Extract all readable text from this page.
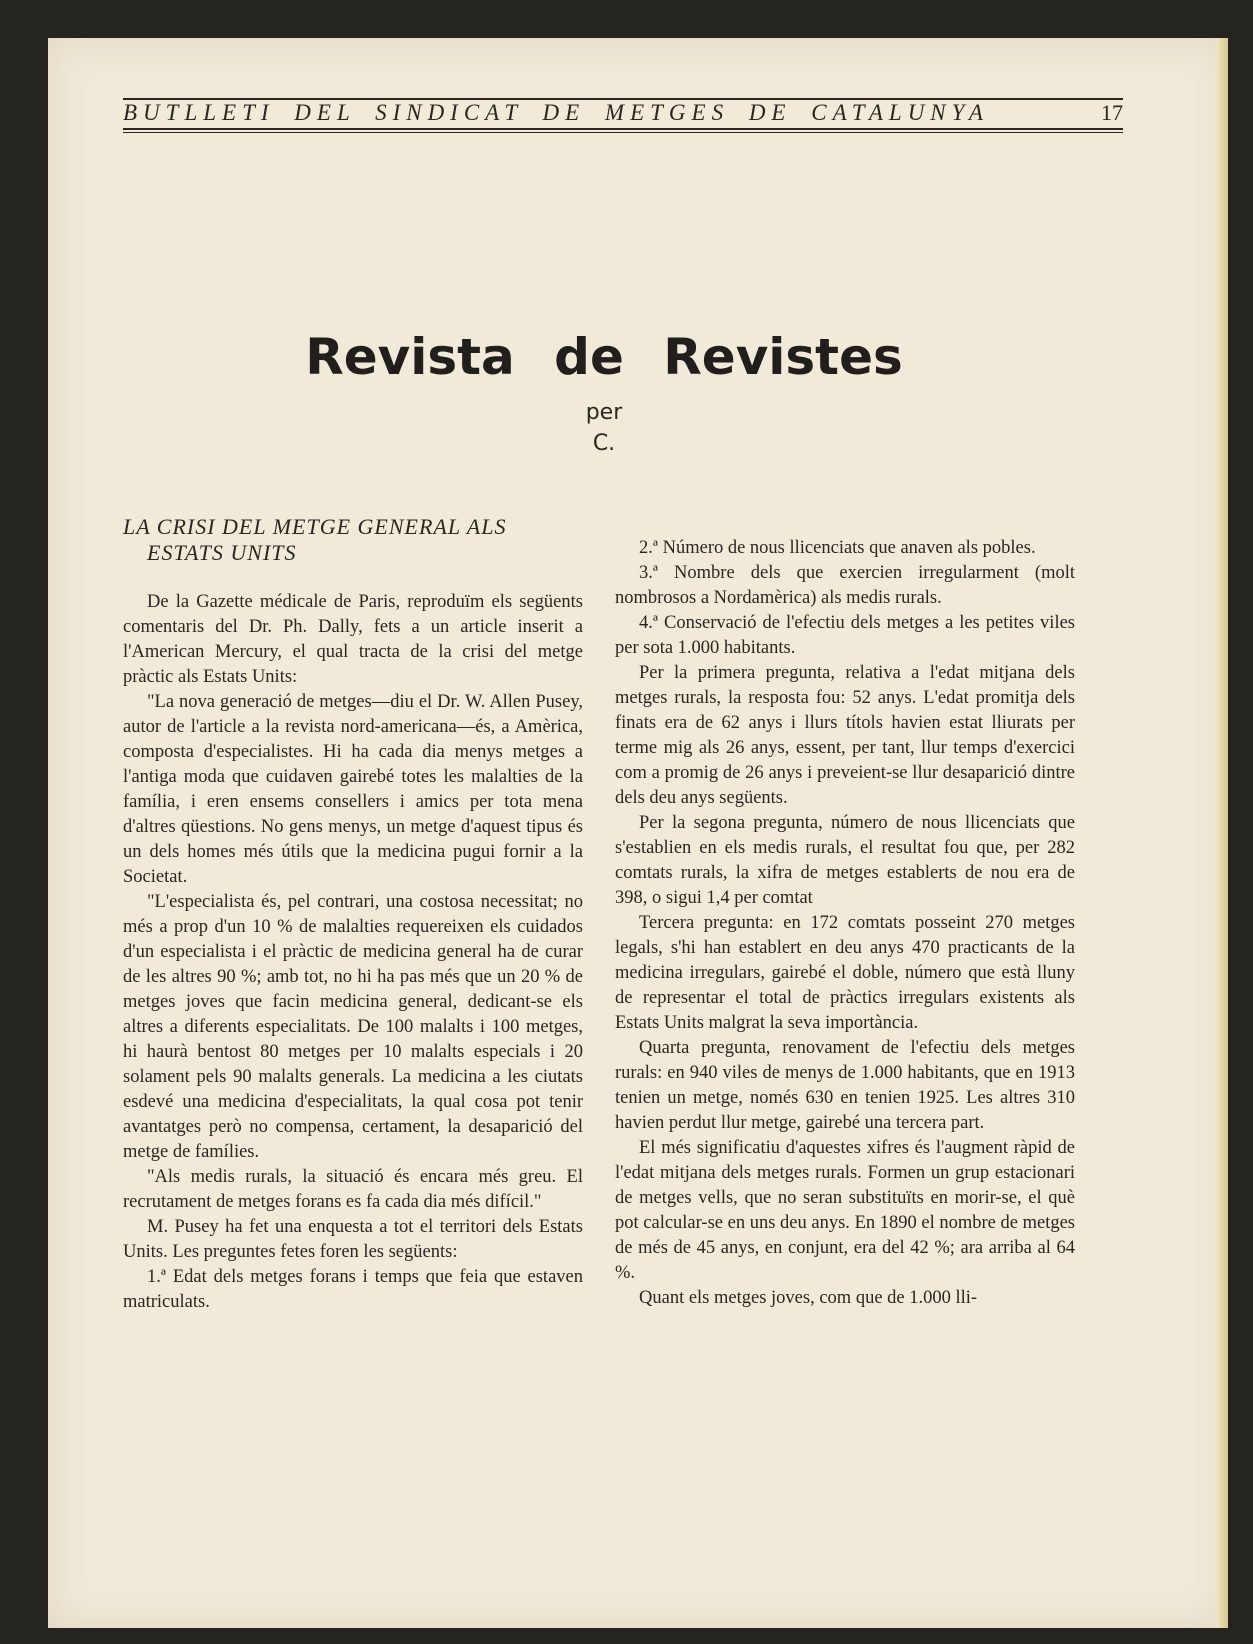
BUTLLETI DEL SINDICAT DE METGES DE CATALUNYA	17
Revista de Revistes
per
C.
LA CRISI DEL METGE GENERAL ALS
ESTATS UNITS

De la Gazette médicale de Paris, reproduïm els següents comentaris del Dr. Ph. Dally, fets a un article inserit a l'American Mercury, el qual tracta de la crisi del metge pràctic als Estats Units:

"La nova generació de metges—diu el Dr. W. Allen Pusey, autor de l'article a la revista nord-americana—és, a Amèrica, composta d'especialistes. Hi ha cada dia menys metges a l'antiga moda que cuidaven gairebé totes les malalties de la família, i eren ensems consellers i amics per tota mena d'altres qüestions. No gens menys, un metge d'aquest tipus és un dels homes més útils que la medicina pugui fornir a la Societat.

"L'especialista és, pel contrari, una costosa necessitat; no més a prop d'un 10 % de malalties requereixen els cuidados d'un especialista i el pràctic de medicina general ha de curar de les altres 90 %; amb tot, no hi ha pas més que un 20 % de metges joves que facin medicina general, dedicant-se els altres a diferents especialitats. De 100 malalts i 100 metges, hi haurà bentost 80 metges per 10 malalts especials i 20 solament pels 90 malalts generals. La medicina a les ciutats esdevé una medicina d'especialitats, la qual cosa pot tenir avantatges però no compensa, certament, la desaparició del metge de famílies.

"Als medis rurals, la situació és encara més greu. El recrutament de metges forans es fa cada dia més difícil."

M. Pusey ha fet una enquesta a tot el territori dels Estats Units. Les preguntes fetes foren les següents:

1.ª Edat dels metges forans i temps que feia que estaven matriculats.

2.ª Número de nous llicenciats que anaven als pobles.

3.ª Nombre dels que exercien irregularment (molt nombrosos a Nordamèrica) als medis rurals.

4.ª Conservació de l'efectiu dels metges a les petites viles per sota 1.000 habitants.

Per la primera pregunta, relativa a l'edat mitjana dels metges rurals, la resposta fou: 52 anys. L'edat promitja dels finats era de 62 anys i llurs títols havien estat lliurats per terme mig als 26 anys, essent, per tant, llur temps d'exercici com a promig de 26 anys i preveient-se llur desaparició dintre dels deu anys següents.

Per la segona pregunta, número de nous llicenciats que s'establien en els medis rurals, el resultat fou que, per 282 comtats rurals, la xifra de metges establerts de nou era de 398, o sigui 1,4 per comtat

Tercera pregunta: en 172 comtats posseint 270 metges legals, s'hi han establert en deu anys 470 practicants de la medicina irregulars, gairebé el doble, número que està lluny de representar el total de pràctics irregulars existents als Estats Units malgrat la seva importància.

Quarta pregunta, renovament de l'efectiu dels metges rurals: en 940 viles de menys de 1.000 habitants, que en 1913 tenien un metge, només 630 en tenien 1925. Les altres 310 havien perdut llur metge, gairebé una tercera part.

El més significatiu d'aquestes xifres és l'augment ràpid de l'edat mitjana dels metges rurals. Formen un grup estacionari de metges vells, que no seran substituïts en morir-se, el què pot calcular-se en uns deu anys. En 1890 el nombre de metges de més de 45 anys, en conjunt, era del 42 %; ara arriba al 64 %.

Quant els metges joves, com que de 1.000 lli-
